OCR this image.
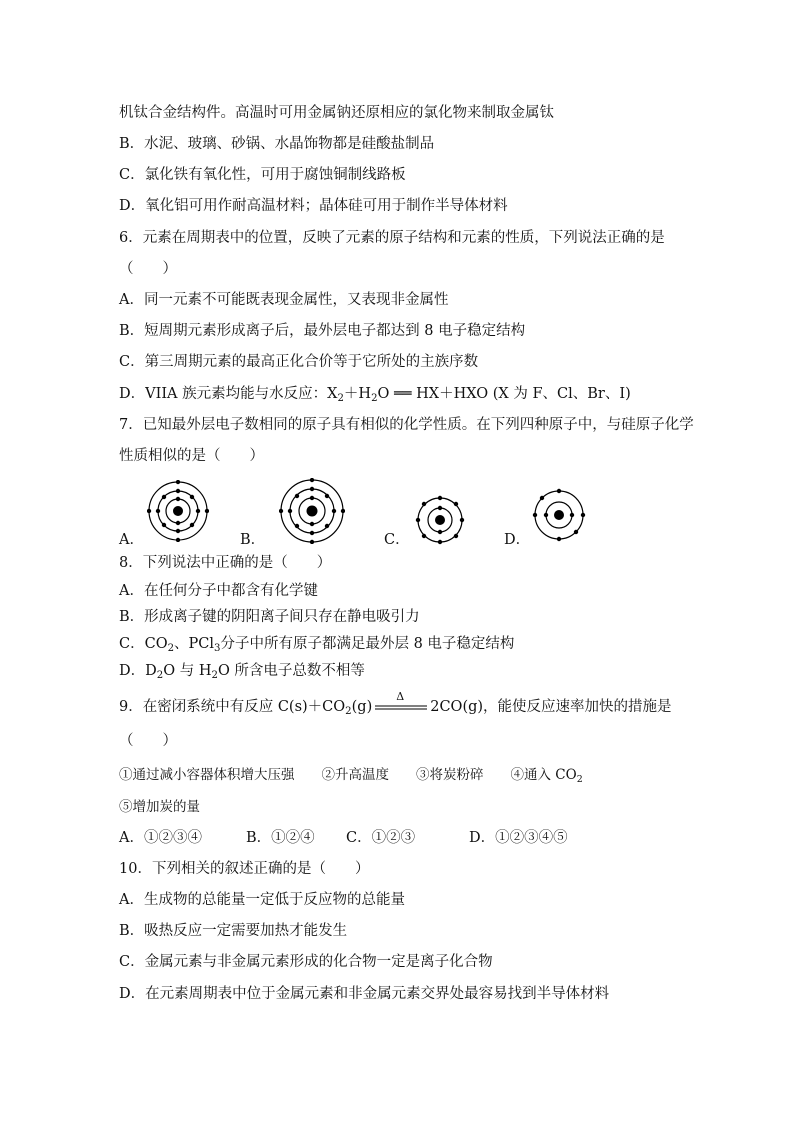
机钛合金结构件。高温时可用金属钠还原相应的氯化物来制取金属钛
B．水泥、玻璃、砂锅、水晶饰物都是硅酸盐制品
C．氯化铁有氧化性，可用于腐蚀铜制线路板
D．氧化铝可用作耐高温材料；晶体硅可用于制作半导体材料
6．元素在周期表中的位置，反映了元素的原子结构和元素的性质，下列说法正确的是
（　　）
A．同一元素不可能既表现金属性，又表现非金属性
B．短周期元素形成离子后，最外层电子都达到 8 电子稳定结构
C．第三周期元素的最高正化合价等于它所处的主族序数
D．VIIA 族元素均能与水反应：$X_2+H_2O$ ══ HX＋HXO (X 为 F、Cl、Br、I)
7．已知最外层电子数相同的原子具有相似的化学性质。在下列四种原子中，与硅原子化学
性质相似的是（　　）
A．	B．	C．	D．
8．下列说法中正确的是（　　）
A．在任何分子中都含有化学键
B．形成离子键的阴阳离子间只存在静电吸引力
C．$CO_2$、PCl$_3$分子中所有原子都满足最外层 8 电子稳定结构
D．$D_2O$ 与 $H_2O$ 所含电子总数不相等
9．在密闭系统中有反应 $C(s)+CO_2(g)$
Δ
2CO(g)，能使反应速率加快的措施是
（　　）
①通过减小容器体积增大压强　　②升高温度　　③将炭粉碎　　④通入 $CO_2$
⑤增加炭的量
A．①②③④	B．①②④ C．①②③	D．①②③④⑤
10．下列相关的叙述正确的是（　　）
A．生成物的总能量一定低于反应物的总能量
B．吸热反应一定需要加热才能发生
C．金属元素与非金属元素形成的化合物一定是离子化合物
D．在元素周期表中位于金属元素和非金属元素交界处最容易找到半导体材料
